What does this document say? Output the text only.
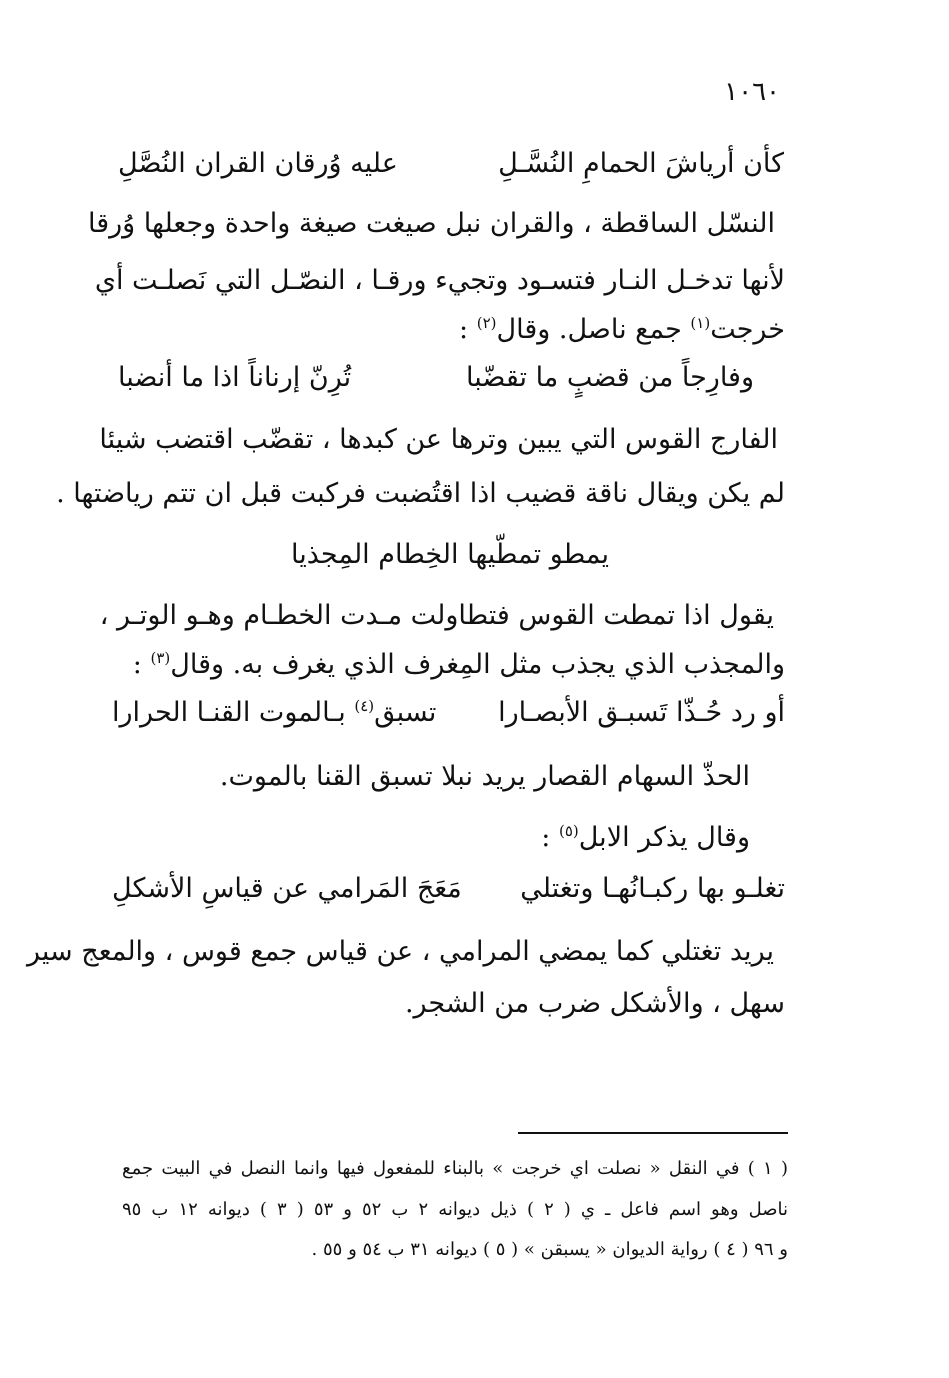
١٠٦٠
كأن أرياشَ الحمامِ النُسَّـلِ
عليه وُرقان القران النُصَّلِ
النسّل الساقطة ، والقران نبل صيغت صيغة واحدة وجعلها وُرقا
لأنها تدخـل النـار فتسـود وتجيء ورقـا ، النصّـل التي نَصلـت أي
خرجت$^{(١)}$ جمع ناصل. وقال$^{(٢)}$ :
وفارِجاً من قضبٍ ما تقضّبا
تُرِنّ إرناناً اذا ما أنضبا
الفارج القوس التي يبين وترها عن كبدها ، تقضّب اقتضب شيئا
لم يكن ويقال ناقة قضيب اذا اقتُضبت فركبت قبل ان تتم رياضتها .
يمطو تمطّيها الخِطام المِجذيا
يقول اذا تمطت القوس فتطاولت مـدت الخطـام وهـو الوتـر ،
والمجذب الذي يجذب مثل المِغرف الذي يغرف به. وقال$^{(٣)}$ :
أو رد حُـذّا تَسبـق الأبصـارا
تسبق$^{(٤)}$ بـالموت القنـا الحرارا
الحذّ السهام القصار يريد نبلا تسبق القنا بالموت.
وقال يذكر الابل$^{(٥)}$ :
تغلـو بها ركبـانُهـا وتغتلي
مَعَجَ المَرامي عن قياسِ الأشكلِ
يريد تغتلي كما يمضي المرامي ، عن قياس جمع قوس ، والمعج سير
سهل ، والأشكل ضرب من الشجر.
( ١ ) في النقل « نصلت اي خرجت » بالبناء للمفعول فيها وانما النصل في البيت جمع
ناصل وهو اسم فاعل ـ ي ( ٢ ) ذيل ديوانه ٢ ب ٥٢ و ٥٣ ( ٣ ) ديوانه ١٢ ب ٩٥
و ٩٦ ( ٤ ) رواية الديوان « يسبقن » ( ٥ ) ديوانه ٣١ ب ٥٤ و ٥٥ .
